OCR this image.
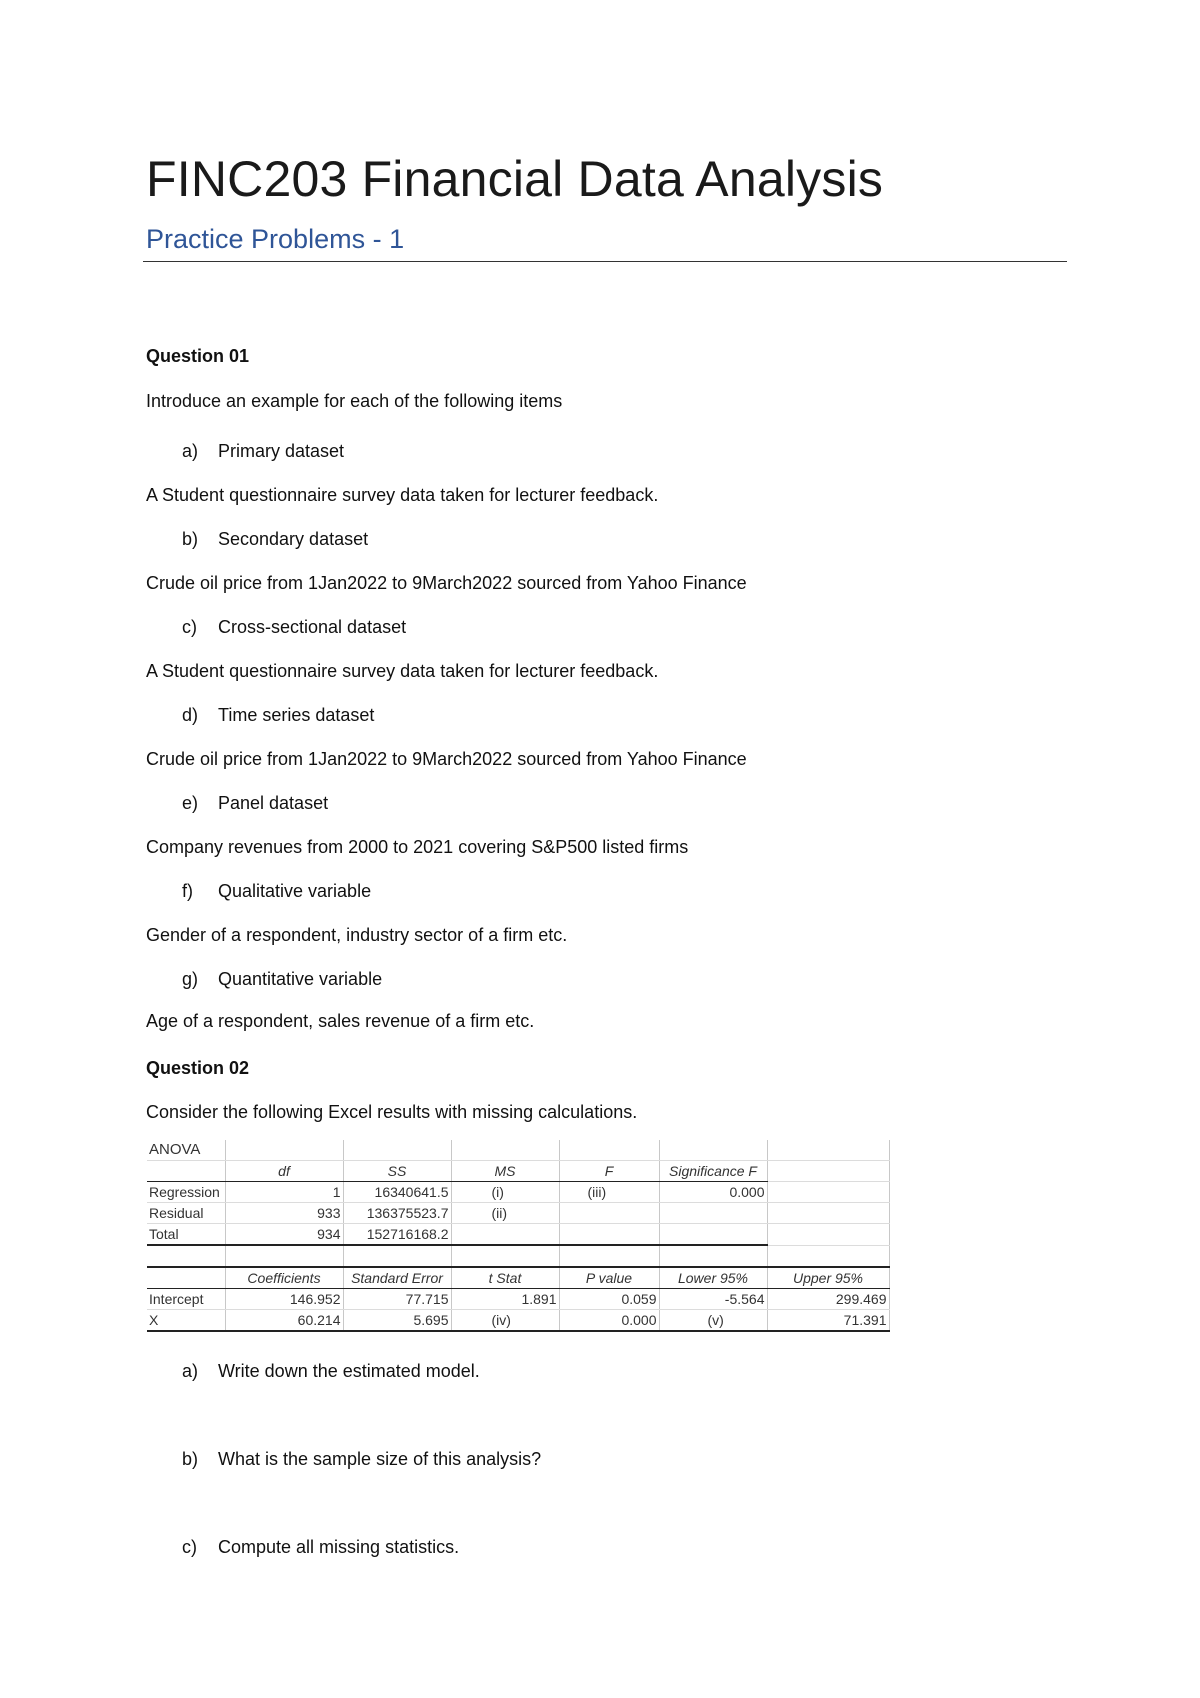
FINC203 Financial Data Analysis
Practice Problems - 1
Question 01
Introduce an example for each of the following items
a) Primary dataset
A Student questionnaire survey data taken for lecturer feedback.
b) Secondary dataset
Crude oil price from 1Jan2022 to 9March2022 sourced from Yahoo Finance
c) Cross-sectional dataset
A Student questionnaire survey data taken for lecturer feedback.
d) Time series dataset
Crude oil price from 1Jan2022 to 9March2022 sourced from Yahoo Finance
e) Panel dataset
Company revenues from 2000 to 2021 covering S&P500 listed firms
f) Qualitative variable
Gender of a respondent, industry sector of a firm etc.
g) Quantitative variable
Age of a respondent, sales revenue of a firm etc.
Question 02
Consider the following Excel results with missing calculations.
ANOVA						
	df	SS	MS	F	Significance F	
Regression	1	16340641.5	(i)	(iii)	0.000	
Residual	933	136375523.7	(ii)			
Total	934	152716168.2				

	Coefficients	Standard Error	t Stat	P value	Lower 95%	Upper 95%
Intercept	146.952	77.715	1.891	0.059	-5.564	299.469
X	60.214	5.695	(iv)	0.000	(v)	71.391
a) Write down the estimated model.
b) What is the sample size of this analysis?
c) Compute all missing statistics.
